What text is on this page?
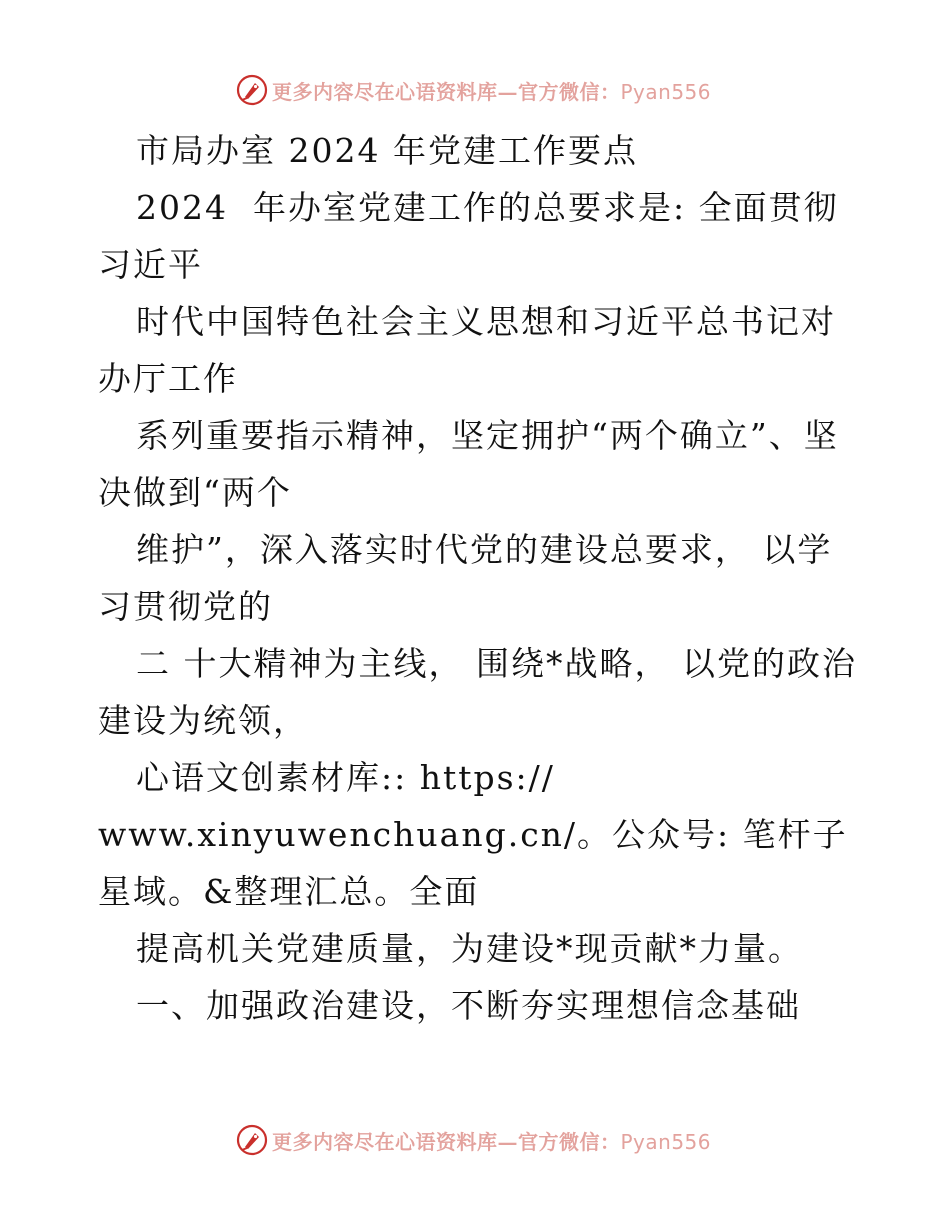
更多内容尽在心语资料库—官方微信：Pyan556

市局办室 2024 年党建工作要点

2024  年办室党建工作的总要求是: 全面贯彻习近平

时代中国特色社会主义思想和习近平总书记对办厅工作

系列重要指示精神，坚定拥护“两个确立”、坚决做到“两个

维护”，深入落实时代党的建设总要求， 以学习贯彻党的

二 十大精神为主线， 围绕*战略， 以党的政治建设为统领，

心语文创素材库:: https://

www.xinyuwenchuang.cn/。公众号: 笔杆子星域。&整理汇总。全面

提高机关党建质量，为建设*现贡献*力量。

一、加强政治建设，不断夯实理想信念基础

更多内容尽在心语资料库—官方微信：Pyan556
